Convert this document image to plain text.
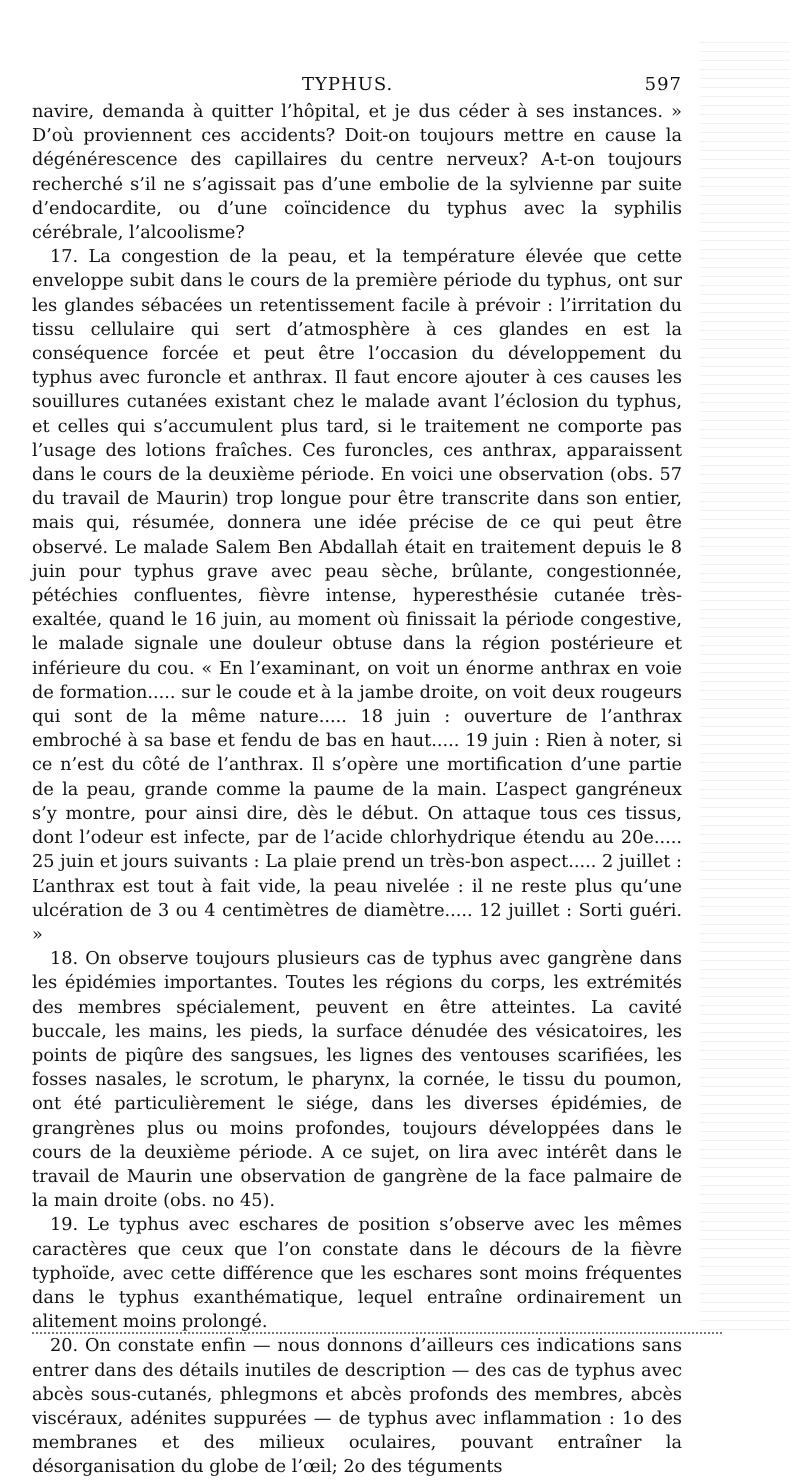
TYPHUS.	597

navire, demanda à quitter l’hôpital, et je dus céder à ses instances. » D’où proviennent ces accidents? Doit-on toujours mettre en cause la dégénérescence des capillaires du centre nerveux? A-t-on toujours recherché s’il ne s’agissait pas d’une embolie de la sylvienne par suite d’endocardite, ou d’une coïncidence du typhus avec la syphilis cérébrale, l’alcoolisme?

17. La congestion de la peau, et la température élevée que cette enveloppe subit dans le cours de la première période du typhus, ont sur les glandes sébacées un retentissement facile à prévoir : l’irritation du tissu cellulaire qui sert d’atmosphère à ces glandes en est la conséquence forcée et peut être l’occasion du développement du typhus avec furoncle et anthrax. Il faut encore ajouter à ces causes les souillures cutanées existant chez le malade avant l’éclosion du typhus, et celles qui s’accumulent plus tard, si le traitement ne comporte pas l’usage des lotions fraîches. Ces furoncles, ces anthrax, apparaissent dans le cours de la deuxième période. En voici une observation (obs. 57 du travail de Maurin) trop longue pour être transcrite dans son entier, mais qui, résumée, donnera une idée précise de ce qui peut être observé. Le malade Salem Ben Abdallah était en traitement depuis le 8 juin pour typhus grave avec peau sèche, brûlante, congestionnée, pétéchies confluentes, fièvre intense, hyperesthésie cutanée très-exaltée, quand le 16 juin, au moment où finissait la période congestive, le malade signale une douleur obtuse dans la région postérieure et inférieure du cou. « En l’examinant, on voit un énorme anthrax en voie de formation..... sur le coude et à la jambe droite, on voit deux rougeurs qui sont de la même nature..... 18 juin : ouverture de l’anthrax embroché à sa base et fendu de bas en haut..... 19 juin : Rien à noter, si ce n’est du côté de l’anthrax. Il s’opère une mortification d’une partie de la peau, grande comme la paume de la main. L’aspect gangréneux s’y montre, pour ainsi dire, dès le début. On attaque tous ces tissus, dont l’odeur est infecte, par de l’acide chlorhydrique étendu au 20e..... 25 juin et jours suivants : La plaie prend un très-bon aspect..... 2 juillet : L’anthrax est tout à fait vide, la peau nivelée : il ne reste plus qu’une ulcération de 3 ou 4 centimètres de diamètre..... 12 juillet : Sorti guéri. »

18. On observe toujours plusieurs cas de typhus avec gangrène dans les épidémies importantes. Toutes les régions du corps, les extrémités des membres spécialement, peuvent en être atteintes. La cavité buccale, les mains, les pieds, la surface dénudée des vésicatoires, les points de piqûre des sangsues, les lignes des ventouses scarifiées, les fosses nasales, le scrotum, le pharynx, la cornée, le tissu du poumon, ont été particulièrement le siége, dans les diverses épidémies, de grangrènes plus ou moins profondes, toujours développées dans le cours de la deuxième période. A ce sujet, on lira avec intérêt dans le travail de Maurin une observation de gangrène de la face palmaire de la main droite (obs. no 45).

19. Le typhus avec eschares de position s’observe avec les mêmes caractères que ceux que l’on constate dans le décours de la fièvre typhoïde, avec cette différence que les eschares sont moins fréquentes dans le typhus exanthématique, lequel entraîne ordinairement un alitement moins prolongé.

20. On constate enfin — nous donnons d’ailleurs ces indications sans entrer dans des détails inutiles de description — des cas de typhus avec abcès sous-cutanés, phlegmons et abcès profonds des membres, abcès viscéraux, adénites suppurées — de typhus avec inflammation : 1o des membranes et des milieux oculaires, pouvant entraîner la désorganisation du globe de l’œil; 2o des téguments
